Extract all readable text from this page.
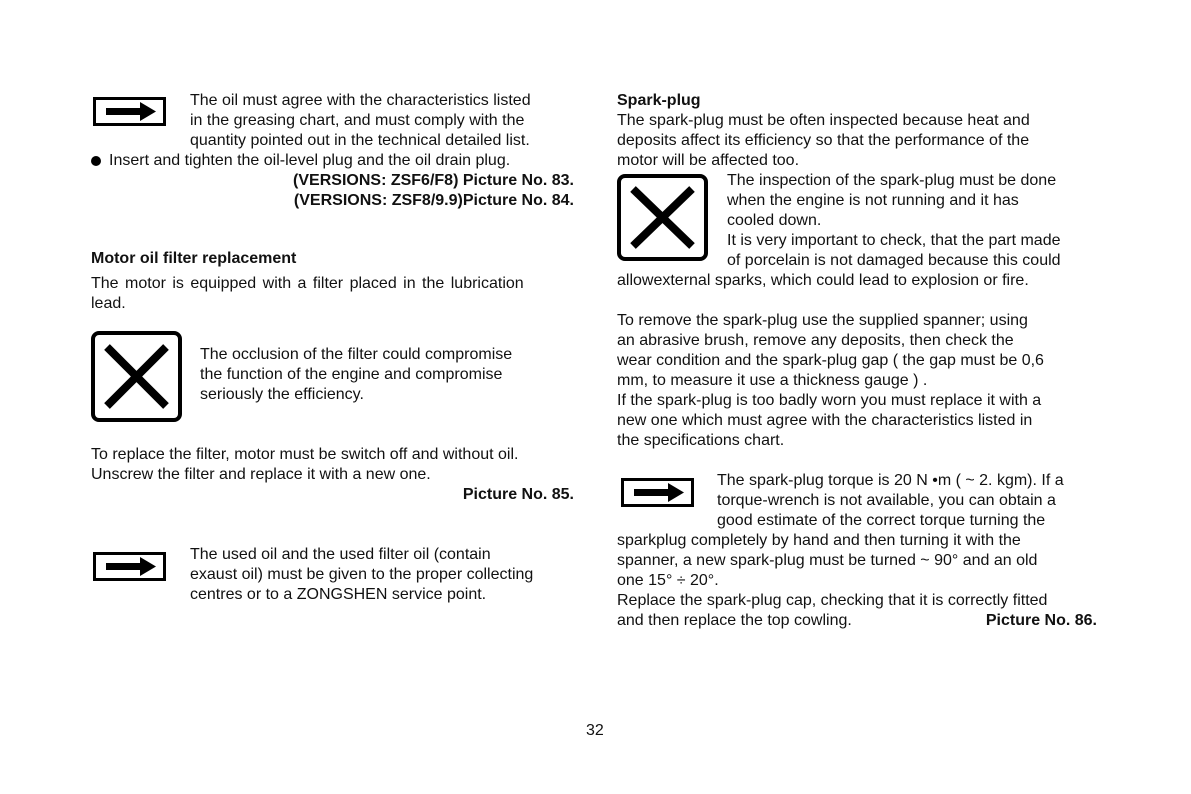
The oil must agree with the characteristics listed

in the greasing chart, and must comply with the

quantity pointed out in the technical detailed list.

Insert and tighten the oil-level plug and the oil drain plug.

(VERSIONS: ZSF6/F8) Picture No. 83.

(VERSIONS: ZSF8/9.9)Picture No. 84.

Motor oil filter replacement

The motor is equipped with a filter placed in the lubrication

lead.

The occlusion of the filter could compromise

the function of the engine and compromise

seriously the efficiency.

To replace the filter, motor must be switch off and without oil.

Unscrew the filter and replace it with a new one.

Picture No. 85.

The used oil and the used filter oil (contain

exaust oil) must be given to the proper collecting

centres or to a ZONGSHEN service point.

Spark-plug

The spark-plug must be often inspected because heat and

deposits affect its efficiency so that the performance of the

motor will be affected too.

The inspection of the spark-plug must be done

when the engine is not running and it has

cooled down.

It is very important to check, that the part made

of porcelain is not damaged because this could

allowexternal sparks, which could lead to explosion or fire.

To remove the spark-plug use the supplied spanner; using

an abrasive brush, remove any deposits, then check the

wear condition and the spark-plug gap ( the gap must be 0,6

mm, to measure it use a thickness gauge ) .

If the spark-plug is too badly worn you must replace it with a

new one which must agree with the characteristics listed in

the specifications chart.

The spark-plug torque is 20 N •m ( ~ 2. kgm). If a

torque-wrench is not available, you can obtain a

good estimate of the correct torque turning the

sparkplug completely by hand and then turning it with the

spanner, a new spark-plug must be turned ~ 90° and an old

one 15° ÷ 20°.

Replace the spark-plug cap, checking that it is correctly fitted

and then replace the top cowling.	Picture No. 86.

32
